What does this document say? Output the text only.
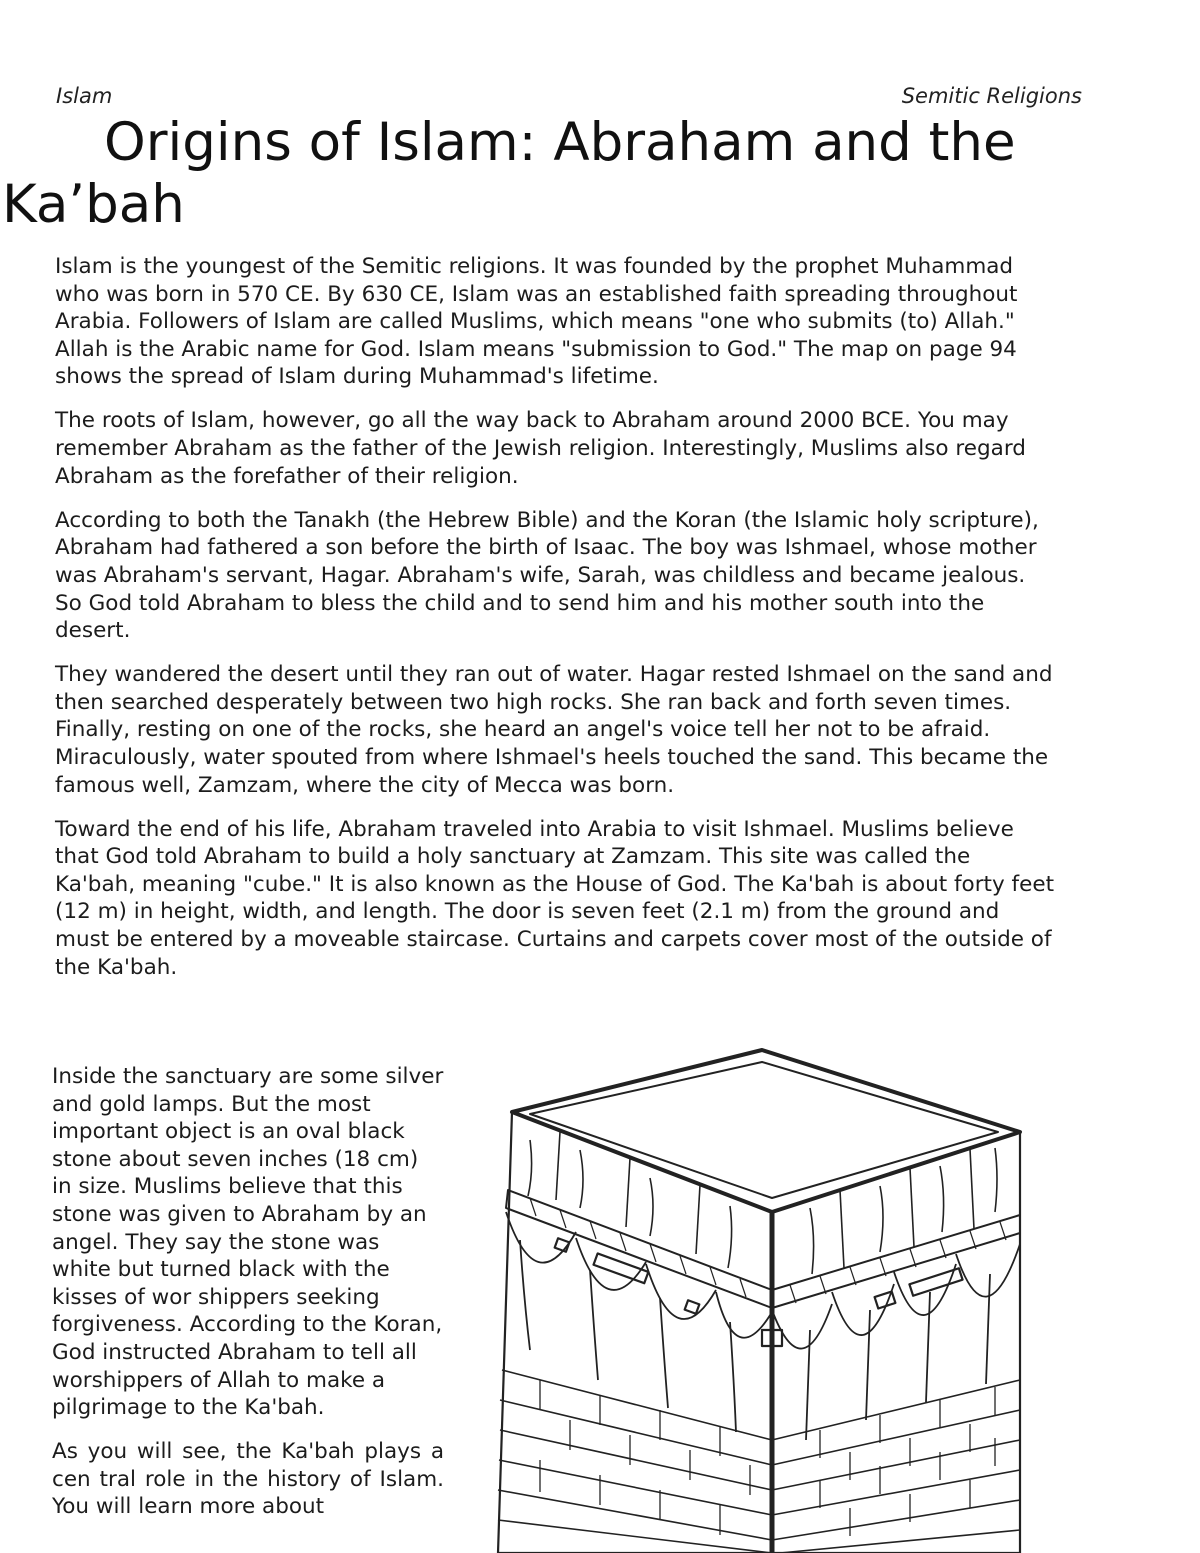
Islam	Semitic Religions
Origins of Islam: Abraham and the
Ka’bah

Islam is the youngest of the Semitic religions. It was founded by the prophet Muhammad who was born in 570 CE. By 630 CE, Islam was an established faith spreading throughout Arabia. Followers of Islam are called Muslims, which means "one who submits (to) Allah." Allah is the Arabic name for God. Islam means "submission to God." The map on page 94 shows the spread of Islam during Muhammad's lifetime.

The roots of Islam, however, go all the way back to Abraham around 2000 BCE. You may remember Abraham as the father of the Jewish religion. Interestingly, Muslims also regard Abraham as the forefather of their religion.

According to both the Tanakh (the Hebrew Bible) and the Koran (the Islamic holy scripture), Abraham had fathered a son before the birth of Isaac. The boy was Ishmael, whose mother was Abraham's servant, Hagar. Abraham's wife, Sarah, was childless and became jealous. So God told Abraham to bless the child and to send him and his mother south into the desert.

They wandered the desert until they ran out of water. Hagar rested Ishmael on the sand and then searched desperately between two high rocks. She ran back and forth seven times. Finally, resting on one of the rocks, she heard an angel's voice tell her not to be afraid. Miraculously, water spouted from where Ishmael's heels touched the sand. This became the famous well, Zamzam, where the city of Mecca was born.

Toward the end of his life, Abraham traveled into Arabia to visit Ishmael. Muslims believe that God told Abraham to build a holy sanctuary at Zamzam. This site was called the Ka'bah, meaning "cube." It is also known as the House of God. The Ka'bah is about forty feet (12 m) in height, width, and length. The door is seven feet (2.1 m) from the ground and must be entered by a moveable staircase. Curtains and carpets cover most of the outside of the Ka'bah.

Inside the sanctuary are some silver and gold lamps. But the most important object is an oval black stone about seven inches (18 cm) in size. Muslims believe that this stone was given to Abraham by an angel. They say the stone was white but turned black with the kisses of wor shippers seeking forgiveness. According to the Koran, God instructed Abraham to tell all worshippers of Allah to make a pilgrimage to the Ka'bah.

As you will see, the Ka'bah plays a cen tral role in the history of Islam. You will learn more about
